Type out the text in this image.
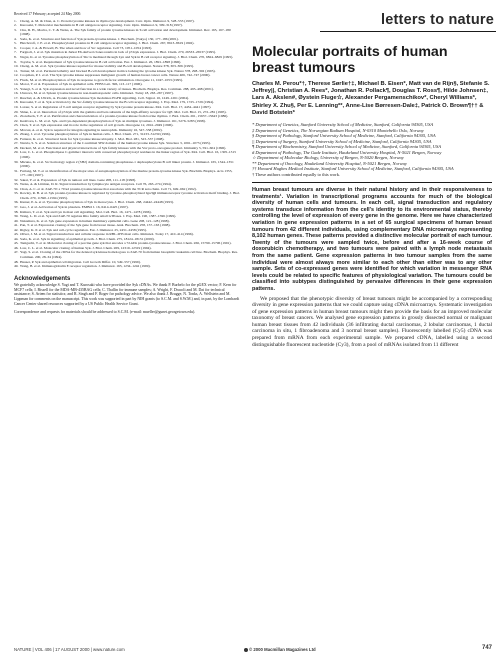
Received 17 February; accepted 24 May 2000.

1. Cheng, A. M. & Chan, A. C. Protein tyrosine kinases in thymocyte development. Curr. Opin. Immunol. 9, 528–533 (1997).
2. Kurosaki, T. Molecular mechanisms in B cell antigen receptor signaling. Curr. Opin. Immunol. 9, 309–318 (1997).
3. Chu, D. H., Morita, C. T. & Weiss, A. The Syk family of protein tyrosine kinases in T-cell activation and development. Immunol. Rev. 165, 167–180 (1998).
4. Sada, K. et al. Structure and function of Syk protein-tyrosine kinase. J. Biochem. (Tokyo) 130, 177–186 (2001).
5. Hutchcroft, J. E. et al. Phosphorylated proteins in B cell antigen receptor signaling. J. Biol. Chem. 267, 8613–8619 (1992).
6. Cooper, J. A. & Howell, B. The when and how of Src regulation. Cell 73, 1051–1054 (1993).
7. Fargnoli, J. et al. Syk mutation in Jurkat E6-derived clones results in lack of p72syk expression. J. Biol. Chem. 270, 26533–26537 (1995).
8. Nagai, K. et al. Tyrosine phosphorylation of Shc is mediated through Lyn and Syk in B cell receptor signaling. J. Biol. Chem. 270, 6824–6829 (1995).
9. Toyabe, S. et al. Requirement of Syk tyrosine kinase in B cell activation. Eur. J. Immunol. 26, 1891–1898 (1996).
10. Cheng, A. M. et al. Syk tyrosine kinase required for mouse viability and B-cell development. Nature 378, 303–306 (1995).
11. Turner, M. et al. Perinatal lethality and blocked B-cell development in mice lacking the tyrosine kinase Syk. Nature 378, 298–302 (1995).
12. Coopman, P. J. et al. The Syk tyrosine kinase suppresses malignant growth of human breast cancer cells. Nature 406, 742–747 (2000).
13. Fluck, M. et al. Phosphorylation of Syk in response to growth factor stimulation. Oncogene 11, 1047–1053 (1995).
14. Moroi, Y. et al. Expression of Syk in epithelial cells. FEBS Lett. 396, 113–117 (1996).
15. Yanagi, S. et al. Syk expression and novel function in a wide variety of tissues. Biochem. Biophys. Res. Commun. 288, 495–498 (2001).
16. Ulanova, M. et al. Spleen tyrosine kinase in non-haematopoietic cells. Immunol. Today 18, 263–267 (1997).
17. Ruschel, A. & Ullrich, A. Protein tyrosine kinase Syk modulates EGFR signalling. Cell. Signal. 16, 1249–1261 (2004).
18. Kurosaki, T. et al. Syk activation by the Src-family tyrosine kinase in the B cell receptor signaling. J. Exp. Med. 179, 1725–1729 (1994).
19. Latour, S. et al. Regulation of T-cell antigen receptor signalling by Syk tyrosine protein kinase. Mol. Cell. Biol. 17, 4434–4441 (1997).
20. Shiue, L. et al. Interaction of p72syk with the gamma and beta subunits of the high-affinity receptor for IgE. Mol. Cell. Biol. 15, 272–281 (1995).
21. Zioncheck, T. F. et al. Purification and characterization of a protein-tyrosine kinase from bovine thymus. J. Biol. Chem. 261, 15637–15643 (1986).
22. Keshvara, L. M. et al. Syk- and Lyn-dependent phosphorylation of Syk on multiple tyrosines. J. Immunol. 161, 5276–5283 (1998).
23. Chen, T. et al. Syk expression and its role in the regulation of cell growth. Oncogene 12, 2041–2049 (1996).
24. Mócsai, A. et al. Syk is required for integrin signaling in neutrophils. Immunity 16, 547–558 (2002).
25. Zhang, J. et al. Tyrosine phosphorylation of Syk in human cells. J. Biol. Chem. 271, 31233–31239 (1996).
26. Futterer, K. et al. Structural basis for Syk tyrosine kinase ubiquity. J. Mol. Biol. 281, 523–537 (1998).
27. Narula, S. S. et al. Solution structure of the C-terminal SH2 domain of the human tyrosine kinase Syk. Structure 3, 1061–1073 (1995).
28. Deckert, M. et al. Functional and physical interactions of Syk family kinases with the Vav proto-oncogene product. Immunity 5, 591–604 (1996).
29. Law, C. L. et al. Phospholipase C-gamma1 interacts with conserved phosphotyrosyl residues in the linker region of Syk. Mol. Cell. Biol. 16, 1305–1315 (1996).
30. Mizuno, K. et al. Src homology region 2 (SH2) domain-containing phosphatase-1 dephosphorylates B cell linker protein. J. Immunol. 165, 1344–1351 (2000).
31. Furlong, M. T. et al. Identification of the major sites of autophosphorylation of the murine protein-tyrosine kinase Syk. Biochim. Biophys. Acta 1355, 177–190 (1997).
32. Sakai, Y. et al. Expression of Syk in tumour cell lines. Gene 208, 111–118 (1998).
33. Weiss, A. & Littman, D. R. Signal transduction by lymphocyte antigen receptors. Cell 76, 263–274 (1994).
34. Chan, A. C. et al. ZAP-70: a 70 kd protein-tyrosine kinase that associates with the TCR zeta chain. Cell 71, 649–662 (1992).
35. Rowley, R. B. et al. Syk protein-tyrosine kinase is regulated by tyrosine-phosphorylated Igα/Igβ immunoreceptor tyrosine activation motif binding. J. Biol. Chem. 270, 11590–11594 (1995).
36. Kiener, P. A. et al. Tyrosine phosphorylation of Syk in monocytes. J. Biol. Chem. 268, 24442–24448 (1993).
37. Gao, J. et al. Activation of Syk in platelets. EMBO J. 16, 6414–6425 (1997).
38. Kimura, T. et al. Syk and Lyn in mast cell signalling. Mol. Cell. Biol. 16, 1471–1478 (1996).
39. Wang, L. D. et al. Syk and ZAP-70 regulate Rho family small GTPases. J. Exp. Med. 190, 1587–1596 (1999).
40. Nakamura, K. et al. Syk gene expression in human mammary epithelial cells. Gene 208, 121–128 (1998).
41. Pan, T. et al. Expression cloning of the Syk gene from breast tissue. Anal. Biochem. 258, 157–163 (1998).
42. Rigley, K. P. et al. Syk and cell-cycle regulation. Eur. J. Immunol. 25, 2451–2458 (1995).
43. Oliver, J. M. et al. Signal transduction and cellular response in RBL-2H3 mast cells. Immunol. Today 17, 410–414 (1996).
44. Sada, K. et al. Syk in signalling of epithelial growth. J. Biol. Chem. 275, 18124–18131 (2000).
45. Taniguchi, T. et al. Molecular cloning of a porcine gene syk that encodes a 72-kDa protein-tyrosine kinase. J. Biol. Chem. 266, 15790–15796 (1991).
46. Law, C. L. et al. Molecular cloning of human Syk. J. Biol. Chem. 269, 12310–12319 (1994).
47. Yagi, S. et al. Cloning of the cDNA for the deleted syk kinase homologous to ZAP-70 from human basophilic leukemia cell line. Biochem. Biophys. Res. Commun. 200, 28–34 (1994).
48. Hauser, P. Syk and epithelial cell migration. Cell Growth Differ. 10, 549–557 (1999).
49. Wang, B. et al. Immunoglobulin E receptor regulation. J. Immunol. 163, 1234–1242 (1999).
Acknowledgements

We gratefully acknowledge S. Yagi and T. Kurosaki who have provided the Syk cDNAs. We thank P. Burbelo for the pGEX vector; F. Kern for MCF7 cells; I. Bissell for the MDA-MB-435BAG cells; C. Thallin for immune samples; A. Wright, F. Dracoli and M. Dai for technical assistance; S. Artem for statistics; and R. Singh and F. Roger for pathology advice. We also thank J. Brugge, N. Tonks, A. Wellstein and M. Lippman for comments on the manuscript. This work was supported in part by NIH grants (to S.C.M. and S.W.M.) and, in part, by the Lombardi Cancer Center shared resources supported by a US Public Health Service Grant.

Correspondence and requests for materials should be addressed to S.C.M. (e-mail: mueller@gunet.georgetown.edu).

letters to nature
Molecular portraits of human breast tumours

Charles M. Perou*†, Therese Sørlie†‡, Michael B. Eisen*, Matt van de Rijn§, Stefanie S. Jeffrey||, Christian A. Rees*, Jonathan R. Pollack¶, Douglas T. Ross¶, Hilde Johnsen‡, Lars A. Akslen#, Øystein Fluge☆, Alexander Pergamenschikov*, Cheryl Williams*, Shirley X. Zhu§, Per E. Lønning**, Anne-Lise Børresen-Dale‡, Patrick O. Brown¶†† & David Botstein*

* Department of Genetics, Stanford University School of Medicine, Stanford, California 94305, USA

‡ Department of Genetics, The Norwegian Radium Hospital, N-0310 Montebello Oslo, Norway

§ Department of Pathology, Stanford University School of Medicine, Stanford, California 94305, USA

|| Department of Surgery, Stanford University School of Medicine, Stanford, California 94305, USA

¶ Department of Biochemistry, Stanford University School of Medicine, Stanford, California 94305, USA

# Department of Pathology, The Gade Institute, Haukeland University Hospital, N-5021 Bergen, Norway

☆ Department of Molecular Biology, University of Bergen, N-5020 Bergen, Norway

** Department of Oncology, Haukeland University Hospital, N-5021 Bergen, Norway

†† Howard Hughes Medical Institute, Stanford University School of Medicine, Stanford, California 94305, USA

† These authors contributed equally to this work.

Human breast tumours are diverse in their natural history and in their responsiveness to treatments¹. Variation in transcriptional programs accounts for much of the biological diversity of human cells and tumours. In each cell, signal transduction and regulatory systems transduce information from the cell's identity to its environmental status, thereby controlling the level of expression of every gene in the genome. Here we have characterized variation in gene expression patterns in a set of 65 surgical specimens of human breast tumours from 42 different individuals, using complementary DNA microarrays representing 8,102 human genes. These patterns provided a distinctive molecular portrait of each tumour. Twenty of the tumours were sampled twice, before and after a 16-week course of doxorubicin chemotherapy, and two tumours were paired with a lymph node metastasis from the same patient. Gene expression patterns in two tumour samples from the same individual were almost always more similar to each other than either was to any other sample. Sets of co-expressed genes were identified for which variation in messenger RNA levels could be related to specific features of physiological variation. The tumours could be classified into subtypes distinguished by pervasive differences in their gene expression patterns.

We proposed that the phenotypic diversity of breast tumours might be accompanied by a corresponding diversity in gene expression patterns that we could capture using cDNA microarrays. Systematic investigation of gene expression patterns in human breast tumours might then provide the basis for an improved molecular taxonomy of breast cancers. We analysed gene expression patterns in grossly dissected normal or malignant human breast tissues from 42 individuals (36 infiltrating ductal carcinomas, 2 lobular carcinomas, 1 ductal carcinoma in situ, 1 fibroadenoma and 3 normal breast samples). Fluorescently labelled (Cy5) cDNA was prepared from mRNA from each experimental sample. We prepared cDNA, labelled using a second distinguishable fluorescent nucleotide (Cy3), from a pool of mRNAs isolated from 11 different

NATURE | VOL 406 | 17 AUGUST 2000 | www.nature.com	© 2000 Macmillan Magazines Ltd	747
